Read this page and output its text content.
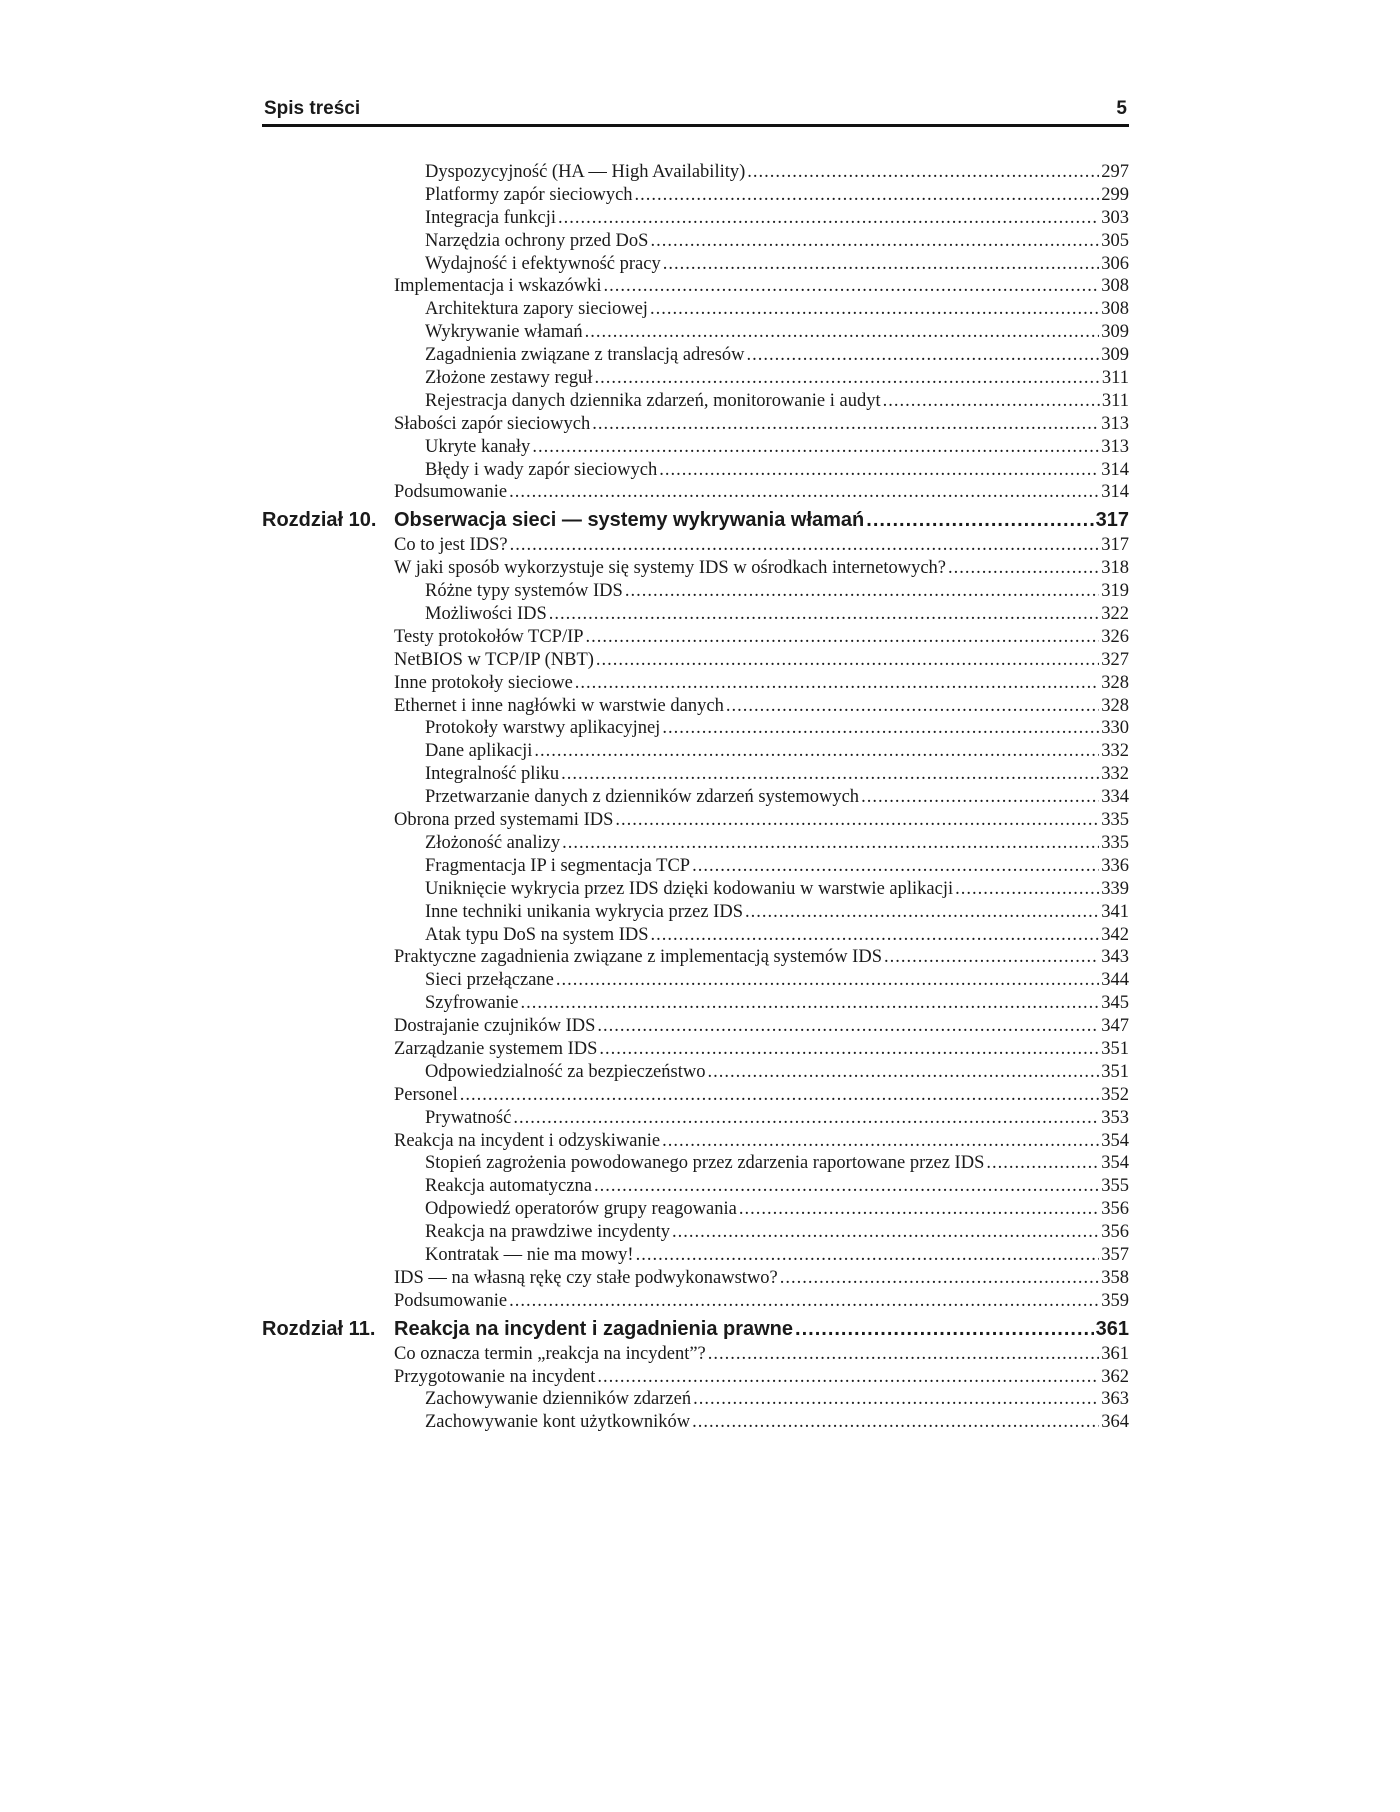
Spis treści	5
Dyspozycyjność (HA — High Availability) .....	297
Platformy zapór sieciowych .....	299
Integracja funkcji .....	303
Narzędzia ochrony przed DoS .....	305
Wydajność i efektywność pracy .....	306
Implementacja i wskazówki .....	308
Architektura zapory sieciowej .....	308
Wykrywanie włamań .....	309
Zagadnienia związane z translacją adresów .....	309
Złożone zestawy reguł .....	311
Rejestracja danych dziennika zdarzeń, monitorowanie i audyt .....	311
Słabości zapór sieciowych .....	313
Ukryte kanały .....	313
Błędy i wady zapór sieciowych .....	314
Podsumowanie .....	314
Rozdział 10. Obserwacja sieci — systemy wykrywania włamań .....	317
Co to jest IDS? .....	317
W jaki sposób wykorzystuje się systemy IDS w ośrodkach internetowych? .....	318
Różne typy systemów IDS .....	319
Możliwości IDS .....	322
Testy protokołów TCP/IP .....	326
NetBIOS w TCP/IP (NBT) .....	327
Inne protokoły sieciowe .....	328
Ethernet i inne nagłówki w warstwie danych .....	328
Protokoły warstwy aplikacyjnej .....	330
Dane aplikacji .....	332
Integralność pliku .....	332
Przetwarzanie danych z dzienników zdarzeń systemowych .....	334
Obrona przed systemami IDS .....	335
Złożoność analizy .....	335
Fragmentacja IP i segmentacja TCP .....	336
Uniknięcie wykrycia przez IDS dzięki kodowaniu w warstwie aplikacji .....	339
Inne techniki unikania wykrycia przez IDS .....	341
Atak typu DoS na system IDS .....	342
Praktyczne zagadnienia związane z implementacją systemów IDS .....	343
Sieci przełączane .....	344
Szyfrowanie .....	345
Dostrajanie czujników IDS .....	347
Zarządzanie systemem IDS .....	351
Odpowiedzialność za bezpieczeństwo .....	351
Personel .....	352
Prywatność .....	353
Reakcja na incydent i odzyskiwanie .....	354
Stopień zagrożenia powodowanego przez zdarzenia raportowane przez IDS .....	354
Reakcja automatyczna .....	355
Odpowiedź operatorów grupy reagowania .....	356
Reakcja na prawdziwe incydenty .....	356
Kontratak — nie ma mowy! .....	357
IDS — na własną rękę czy stałe podwykonawstwo? .....	358
Podsumowanie .....	359
Rozdział 11. Reakcja na incydent i zagadnienia prawne .....	361
Co oznacza termin „reakcja na incydent”? .....	361
Przygotowanie na incydent .....	362
Zachowywanie dzienników zdarzeń .....	363
Zachowywanie kont użytkowników .....	364
